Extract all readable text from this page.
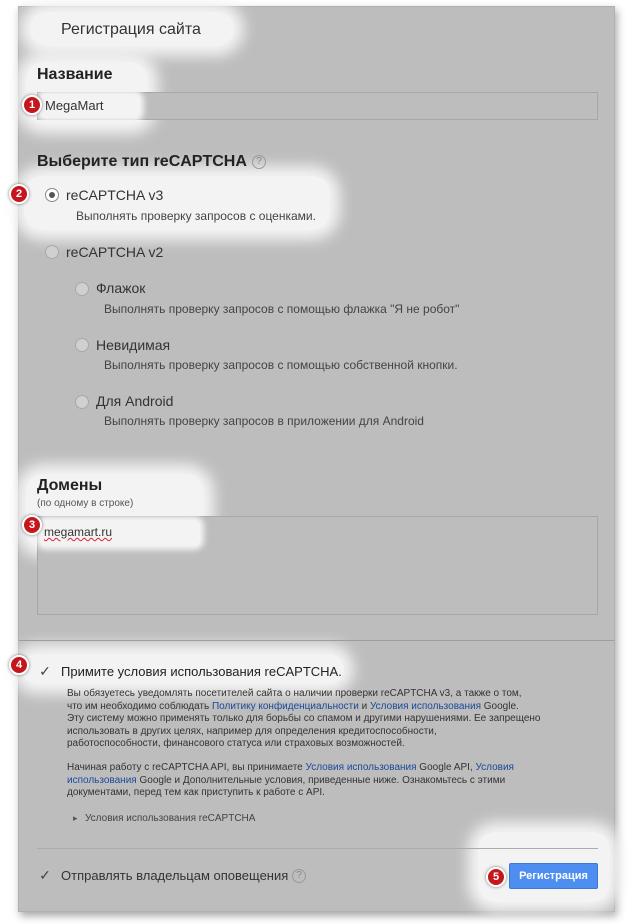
Регистрация сайта
Название
MegaMart
1
Выберите тип reCAPTCHA ?
reCAPTCHA v3
Выполнять проверку запросов с оценками.
2
reCAPTCHA v2
Флажок
Выполнять проверку запросов с помощью флажка "Я не робот"
Невидимая
Выполнять проверку запросов с помощью собственной кнопки.
Для Android
Выполнять проверку запросов в приложении для Android
Домены
(по одному в строке)
megamart.ru
3
✓ Примите условия использования reCAPTCHA.
4
Вы обязуетесь уведомлять посетителей сайта о наличии проверки reCAPTCHA v3, а также о том,
что им необходимо соблюдать Политику конфиденциальности и Условия использования Google.
Эту систему можно применять только для борьбы со спамом и другими нарушениями. Ее запрещено
использовать в других целях, например для определения кредитоспособности,
работоспособности, финансового статуса или страховых возможностей.
Начиная работу с reCAPTCHA API, вы принимаете Условия использования Google API, Условия
использования Google и Дополнительные условия, приведенные ниже. Ознакомьтесь с этими
документами, перед тем как приступить к работе с API.
▸ Условия использования reCAPTCHA
✓ Отправлять владельцам оповещения ?	Регистрация
5
